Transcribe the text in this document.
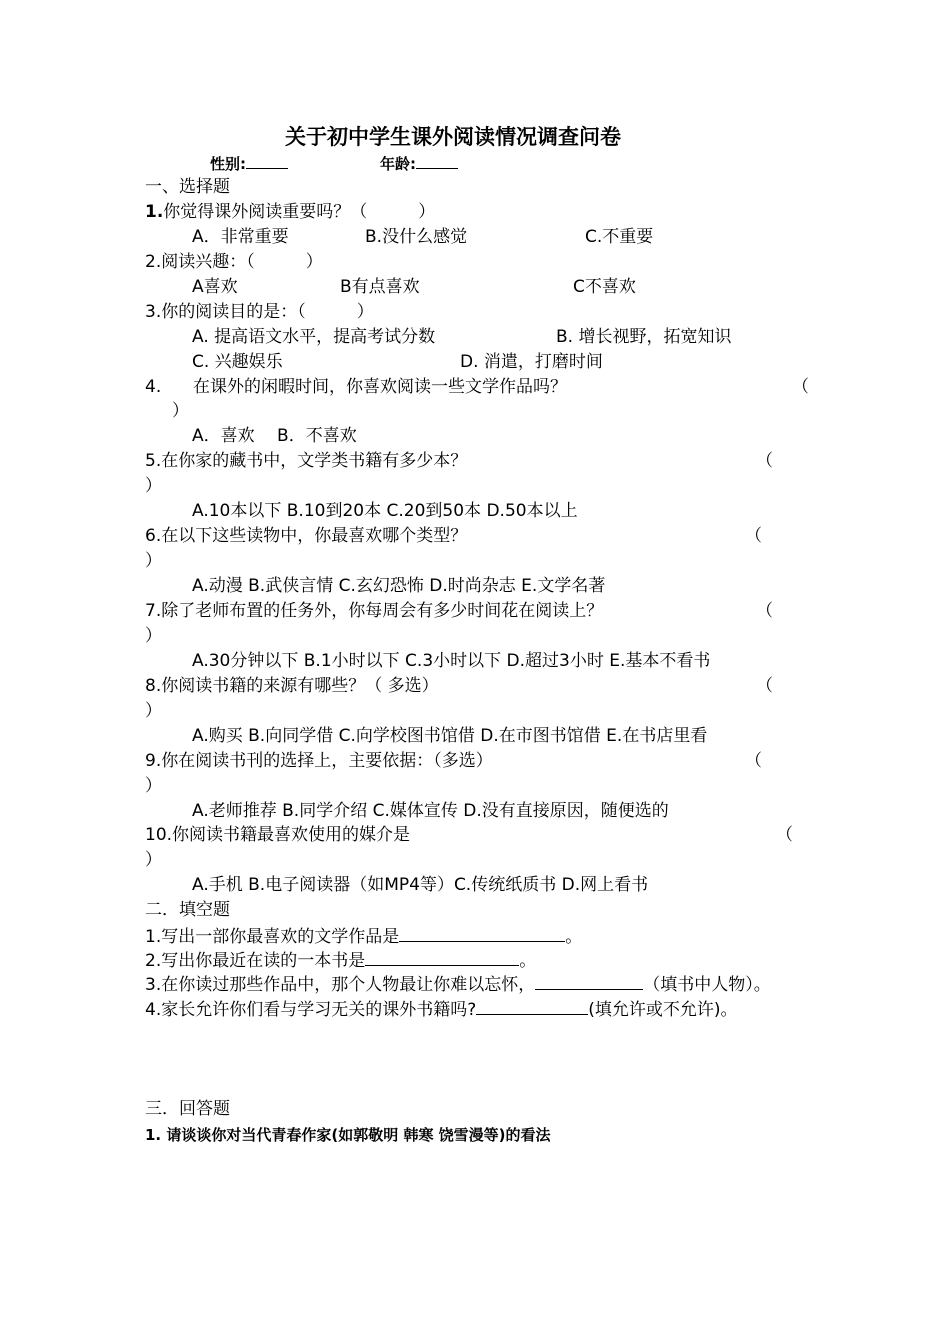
关于初中学生课外阅读情况调查问卷
性别:	年龄:
一、选择题
1.你觉得课外阅读重要吗？（　　　）
A．非常重要	B.没什么感觉	C.不重要
2.阅读兴趣：（　　　）
A喜欢	B有点喜欢	C不喜欢
3.你的阅读目的是：（　　　）
A. 提高语文水平，提高考试分数	B. 增长视野，拓宽知识
C. 兴趣娱乐	D. 消遣，打磨时间
4. 在课外的闲暇时间，你喜欢阅读一些文学作品吗？	（
）
A．喜欢　 B．不喜欢
5.在你家的藏书中，文学类书籍有多少本？	（
）
A.10本以下 B.10到20本 C.20到50本 D.50本以上
6.在以下这些读物中，你最喜欢哪个类型？	（
）
A.动漫 B.武侠言情 C.玄幻恐怖 D.时尚杂志 E.文学名著
7.除了老师布置的任务外，你每周会有多少时间花在阅读上？	（
）
A.30分钟以下 B.1小时以下 C.3小时以下 D.超过3小时 E.基本不看书
8.你阅读书籍的来源有哪些？（ 多选）	（
）
A.购买 B.向同学借 C.向学校图书馆借 D.在市图书馆借 E.在书店里看
9.你在阅读书刊的选择上，主要依据：（多选）	（
）
A.老师推荐 B.同学介绍 C.媒体宣传 D.没有直接原因，随便选的
10.你阅读书籍最喜欢使用的媒介是	（
）
A.手机 B.电子阅读器（如MP4等）C.传统纸质书 D.网上看书
二．填空题
1.写出一部你最喜欢的文学作品是	。
2.写出你最近在读的一本书是	。
3.在你读过那些作品中，那个人物最让你难以忘怀，	（填书中人物）。
4.家长允许你们看与学习无关的课外书籍吗?	(填允许或不允许)。
三．回答题
1. 请谈谈你对当代青春作家(如郭敬明 韩寒 饶雪漫等)的看法
